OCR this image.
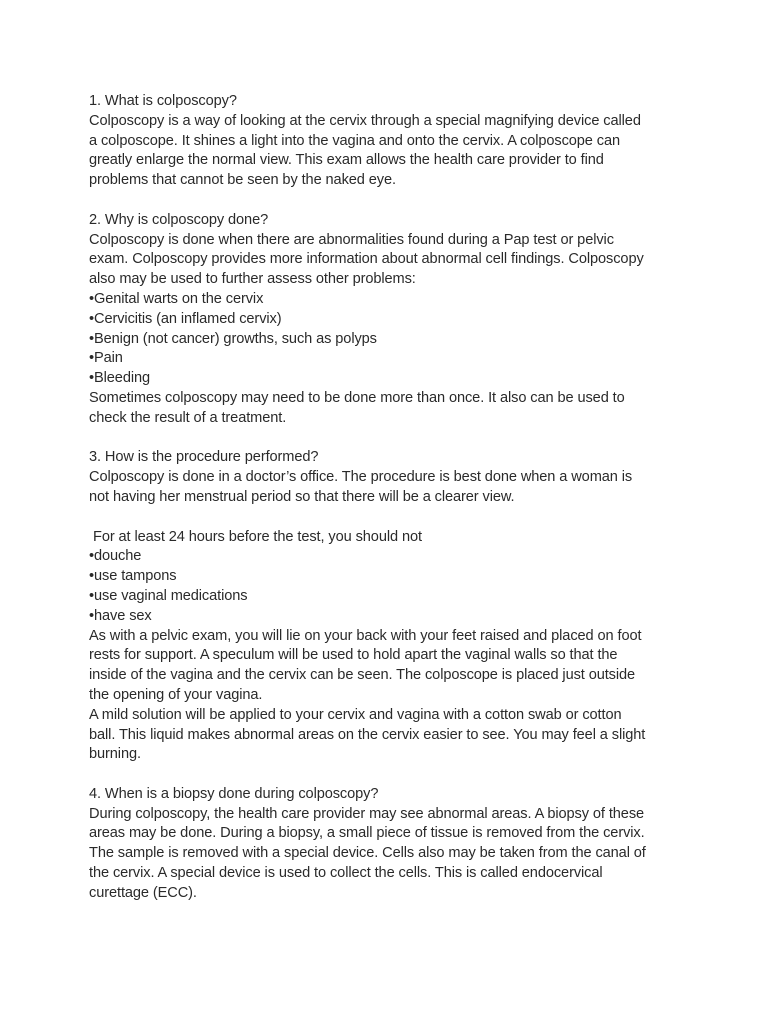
1. What is colposcopy?
Colposcopy is a way of looking at the cervix through a special magnifying device called
a colposcope. It shines a light into the vagina and onto the cervix. A colposcope can
greatly enlarge the normal view. This exam allows the health care provider to find
problems that cannot be seen by the naked eye.
2. Why is colposcopy done?
Colposcopy is done when there are abnormalities found during a Pap test or pelvic
exam. Colposcopy provides more information about abnormal cell findings. Colposcopy
also may be used to further assess other problems:
•Genital warts on the cervix
•Cervicitis (an inflamed cervix)
•Benign (not cancer) growths, such as polyps
•Pain
•Bleeding
Sometimes colposcopy may need to be done more than once. It also can be used to
check the result of a treatment.
3. How is the procedure performed?
Colposcopy is done in a doctor’s office. The procedure is best done when a woman is
not having her menstrual period so that there will be a clearer view.
For at least 24 hours before the test, you should not
•douche
•use tampons
•use vaginal medications
•have sex
As with a pelvic exam, you will lie on your back with your feet raised and placed on foot
rests for support. A speculum will be used to hold apart the vaginal walls so that the
inside of the vagina and the cervix can be seen. The colposcope is placed just outside
the opening of your vagina.
A mild solution will be applied to your cervix and vagina with a cotton swab or cotton
ball. This liquid makes abnormal areas on the cervix easier to see. You may feel a slight
burning.
4. When is a biopsy done during colposcopy?
During colposcopy, the health care provider may see abnormal areas. A biopsy of these
areas may be done. During a biopsy, a small piece of tissue is removed from the cervix.
The sample is removed with a special device. Cells also may be taken from the canal of
the cervix. A special device is used to collect the cells. This is called endocervical
curettage (ECC).
